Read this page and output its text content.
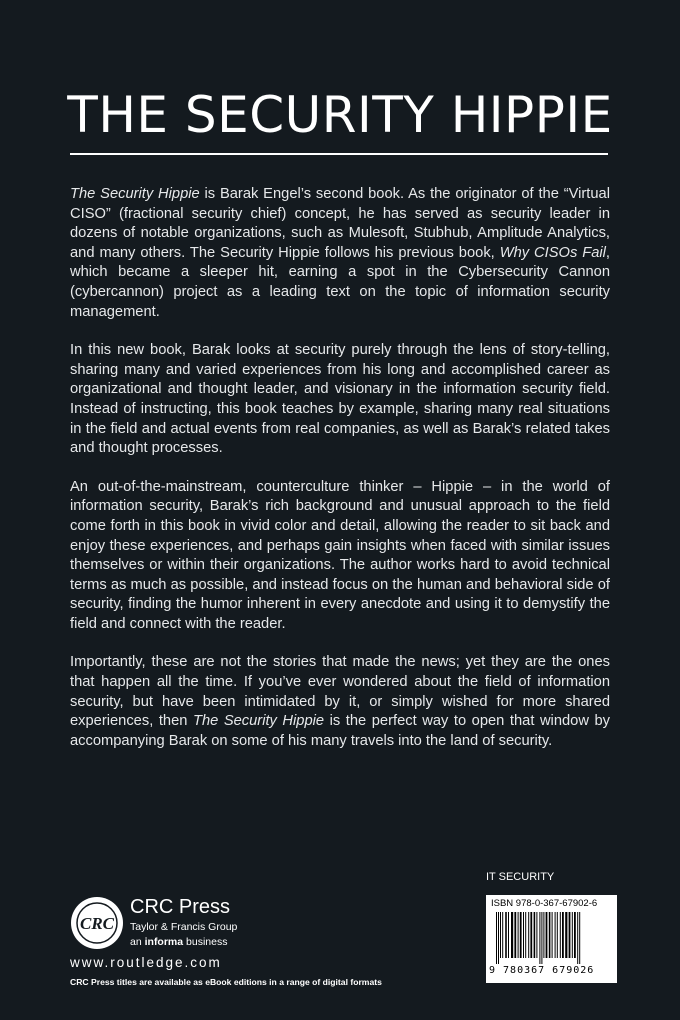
THE SECURITY HIPPIE

The Security Hippie is Barak Engel’s second book. As the originator of the “Virtual CISO” (fractional security chief) concept, he has served as security leader in dozens of notable organizations, such as Mulesoft, Stubhub, Amplitude Analytics, and many others. The Security Hippie follows his previous book, Why CISOs Fail, which became a sleeper hit, earning a spot in the Cybersecurity Cannon (cybercannon) project as a leading text on the topic of information security management.

In this new book, Barak looks at security purely through the lens of story-telling, sharing many and varied experiences from his long and accomplished career as organizational and thought leader, and visionary in the information security field. Instead of instructing, this book teaches by example, sharing many real situations in the field and actual events from real companies, as well as Barak’s related takes and thought processes.

An out-of-the-mainstream, counterculture thinker – Hippie – in the world of information security, Barak’s rich background and unusual approach to the field come forth in this book in vivid color and detail, allowing the reader to sit back and enjoy these experiences, and perhaps gain insights when faced with similar issues themselves or within their organizations. The author works hard to avoid technical terms as much as possible, and instead focus on the human and behavioral side of security, finding the humor inherent in every anecdote and using it to demystify the field and connect with the reader.

Importantly, these are not the stories that made the news; yet they are the ones that happen all the time. If you’ve ever wondered about the field of information security, but have been intimidated by it, or simply wished for more shared experiences, then The Security Hippie is the perfect way to open that window by accompanying Barak on some of his many travels into the land of security.

IT SECURITY
ISBN 978-0-367-67902-6
9 780367 679026
CRC
CRC Press
Taylor & Francis Group
an informa business
www.routledge.com
CRC Press titles are available as eBook editions in a range of digital formats
